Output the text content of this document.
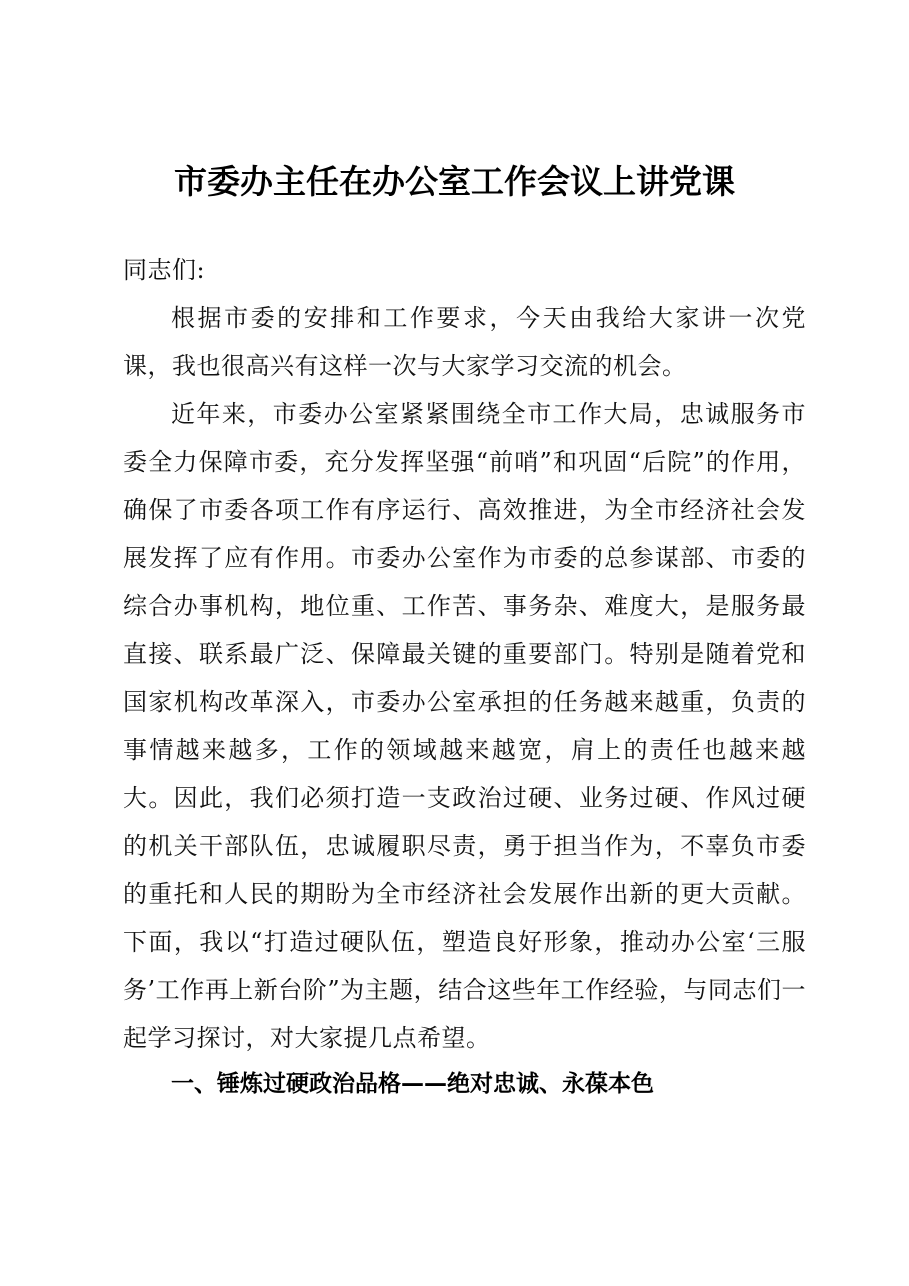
市委办主任在办公室工作会议上讲党课
同志们:
根据市委的安排和工作要求，今天由我给大家讲一次党课，我也很高兴有这样一次与大家学习交流的机会。
近年来，市委办公室紧紧围绕全市工作大局，忠诚服务市委全力保障市委，充分发挥坚强“前哨”和巩固“后院”的作用，确保了市委各项工作有序运行、高效推进，为全市经济社会发展发挥了应有作用。市委办公室作为市委的总参谋部、市委的综合办事机构，地位重、工作苦、事务杂、难度大，是服务最直接、联系最广泛、保障最关键的重要部门。特别是随着党和国家机构改革深入，市委办公室承担的任务越来越重，负责的事情越来越多，工作的领域越来越宽，肩上的责任也越来越大。因此，我们必须打造一支政治过硬、业务过硬、作风过硬的机关干部队伍，忠诚履职尽责，勇于担当作为，不辜负市委的重托和人民的期盼为全市经济社会发展作出新的更大贡献。下面，我以“打造过硬队伍，塑造良好形象，推动办公室‘三服务’工作再上新台阶”为主题，结合这些年工作经验，与同志们一起学习探讨，对大家提几点希望。
一、锤炼过硬政治品格——绝对忠诚、永葆本色
